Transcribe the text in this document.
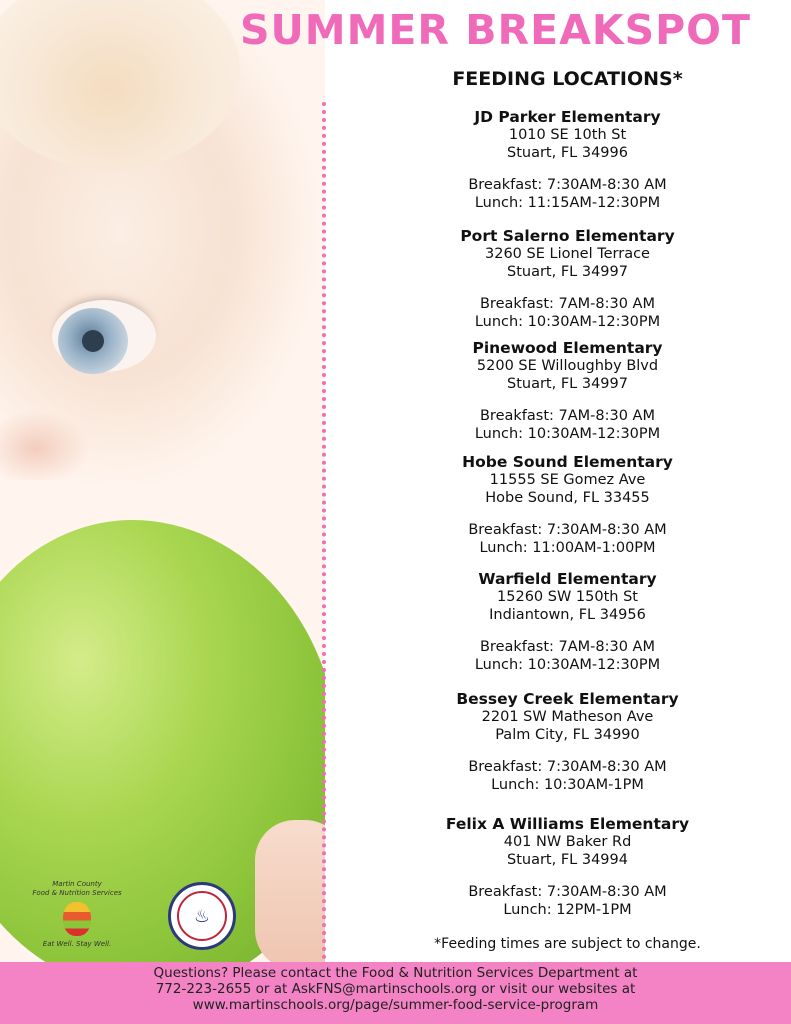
Martin County
Food & Nutrition Services
Eat Well. Stay Well.
♨
SUMMER BREAKSPOT
FEEDING LOCATIONS*
JD Parker Elementary
1010 SE 10th St
Stuart, FL 34996
Breakfast: 7:30AM-8:30 AM
Lunch: 11:15AM-12:30PM
Port Salerno Elementary
3260 SE Lionel Terrace
Stuart, FL 34997
Breakfast: 7AM-8:30 AM
Lunch: 10:30AM-12:30PM
Pinewood Elementary
5200 SE Willoughby Blvd
Stuart, FL 34997
Breakfast: 7AM-8:30 AM
Lunch: 10:30AM-12:30PM
Hobe Sound Elementary
11555 SE Gomez Ave
Hobe Sound, FL 33455
Breakfast: 7:30AM-8:30 AM
Lunch: 11:00AM-1:00PM
Warfield Elementary
15260 SW 150th St
Indiantown, FL 34956
Breakfast: 7AM-8:30 AM
Lunch: 10:30AM-12:30PM
Bessey Creek Elementary
2201 SW Matheson Ave
Palm City, FL 34990
Breakfast: 7:30AM-8:30 AM
Lunch: 10:30AM-1PM
Felix A Williams Elementary
401 NW Baker Rd
Stuart, FL 34994
Breakfast: 7:30AM-8:30 AM
Lunch: 12PM-1PM
*Feeding times are subject to change.
Questions? Please contact the Food & Nutrition Services Department at
772-223-2655 or at AskFNS@martinschools.org or visit our websites at
www.martinschools.org/page/summer-food-service-program
